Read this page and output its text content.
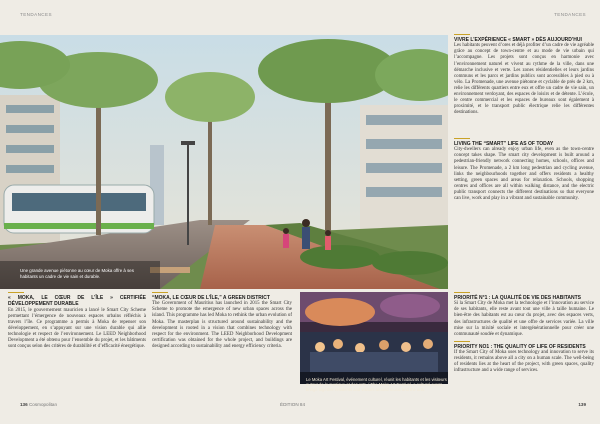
TENDANCES	TENDANCES
Une grande avenue piétonne au cœur de Moka offre à ses habitants un cadre de vie sain et durable.

VIVRE L’EXPÉRIENCE « SMART » DÈS AUJOURD’HUI

Les habitants peuvent d’ores et déjà profiter d’un cadre de vie agréable grâce au concept de town-centre et au mode de vie urbain qui l’accompagne. Les projets sont conçus en harmonie avec l’environnement naturel et vivent au rythme de la ville, dans une démarche inclusive et verte. Les zones résidentielles et leurs jardins communs et les parcs et jardins publics sont accessibles à pied ou à vélo. La Promenade, une avenue piétonne et cyclable de près de 2 km, relie les différents quartiers entre eux et offre un cadre de vie sain, un environnement verdoyant, des espaces de loisirs et de détente. L’école, le centre commercial et les espaces de bureaux sont également à proximité, et le transport public électrique relie les différentes destinations.

LIVING THE “SMART” LIFE AS OF TODAY

City-dwellers can already enjoy urban life, even as the town-centre concept takes shape. The smart city development is built around a pedestrian-friendly network connecting homes, schools, offices and leisure. The Promenade, a 2 km long pedestrian and cycling avenue, links the neighbourhoods together and offers residents a healthy setting, green spaces and areas for relaxation. Schools, shopping centres and offices are all within walking distance, and the electric public transport connects the different destinations so that everyone can live, work and play in a vibrant and sustainable community.

« MOKA, LE CŒUR DE L’ÎLE » CERTIFIÉE DÉVELOPPEMENT DURABLE

En 2015, le gouvernement mauricien a lancé le Smart City Scheme permettant l’émergence de nouveaux espaces urbains réfléchis à travers l’île. Ce programme a permis à Moka de repenser son développement, en s’appuyant sur une vision durable qui allie technologie et respect de l’environnement. Le LEED Neighborhood Development a été obtenu pour l’ensemble du projet, et les bâtiments sont conçus selon des critères de durabilité et d’efficacité énergétique.

“MOKA, LE CŒUR DE L’ÎLE,” A GREEN DISTRICT

The Government of Mauritius has launched in 2015 the Smart City Scheme to promote the emergence of new urban spaces across the island. This programme has led Moka to rethink the urban evolution of Moka. The masterplan is structured around sustainability and the development is rooted in a vision that combines technology with respect for the environment. The LEED Neighborhood Development certification was obtained for the whole project, and buildings are designed according to sustainability and energy efficiency criteria.

Le Moka Art Festival, événement culturel, réunit les habitants et les visiteurs autour de la musique et des arts. / The Moka Art Festival, a cultural event, brings together residents and visitors around music and the arts.

PRIORITÉ N°1 : LA QUALITÉ DE VIE DES HABITANTS

Si la Smart City de Moka met la technologie et l’innovation au service de ses habitants, elle reste avant tout une ville à taille humaine. Le bien-être des habitants est au cœur du projet, avec des espaces verts, des infrastructures de qualité et une offre de services variée. La ville mise sur la mixité sociale et intergénérationnelle pour créer une communauté soudée et dynamique.

PRIORITY NO1 : THE QUALITY OF LIFE OF RESIDENTS

If the Smart City of Moka uses technology and innovation to serve its residents, it remains above all a city on a human scale. The well-being of residents lies at the heart of the project, with green spaces, quality infrastructure and a wide range of services.

136 Cosmopolitan	ÉDITION 84	139
